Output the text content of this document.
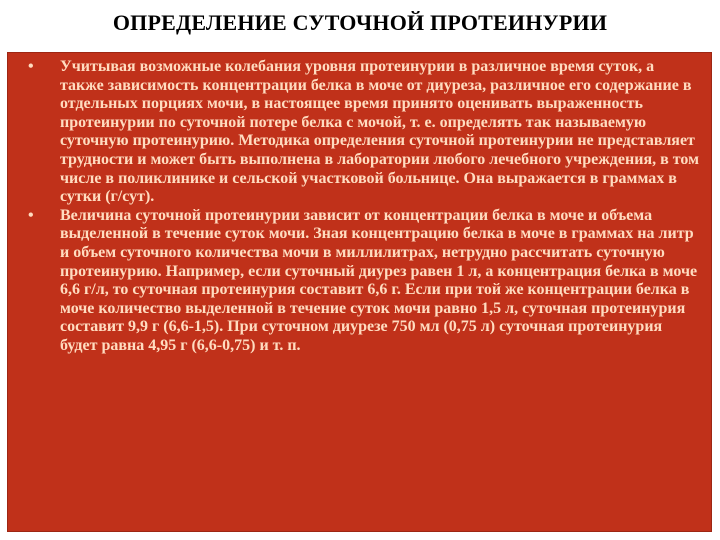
ОПРЕДЕЛЕНИЕ СУТОЧНОЙ ПРОТЕИНУРИИ
• Учитывая возможные колебания уровня протеинурии в различное время суток, а также зависимость концентрации белка в моче от диуреза, различное его содержание в отдельных порциях мочи, в настоящее время принято оценивать выраженность протеинурии по суточной потере белка с мочой, т. е. определять так называемую суточную протеинурию. Методика определения суточной протеинурии не представляет трудности и может быть выполнена в лаборатории любого лечебного учреждения, в том числе в поликлинике и сельской участковой больнице. Она выражается в граммах в сутки (г/сут).
• Величина суточной протеинурии зависит от концентрации белка в моче и объема выделенной в течение суток мочи. Зная концентрацию белка в моче в граммах на литр и объем суточного количества мочи в миллилитрах, нетрудно рассчитать суточную протеинурию. Например, если суточный диурез равен 1 л, а концентрация белка в моче 6,6 г/л, то суточная протеинурия составит 6,6 г. Если при той же концентрации белка в моче количество выделенной в течение суток мочи равно 1,5 л, суточная протеинурия составит 9,9 г (6,6-1,5). При суточном диурезе 750 мл (0,75 л) суточная протеинурия будет равна 4,95 г (6,6-0,75) и т. п.
